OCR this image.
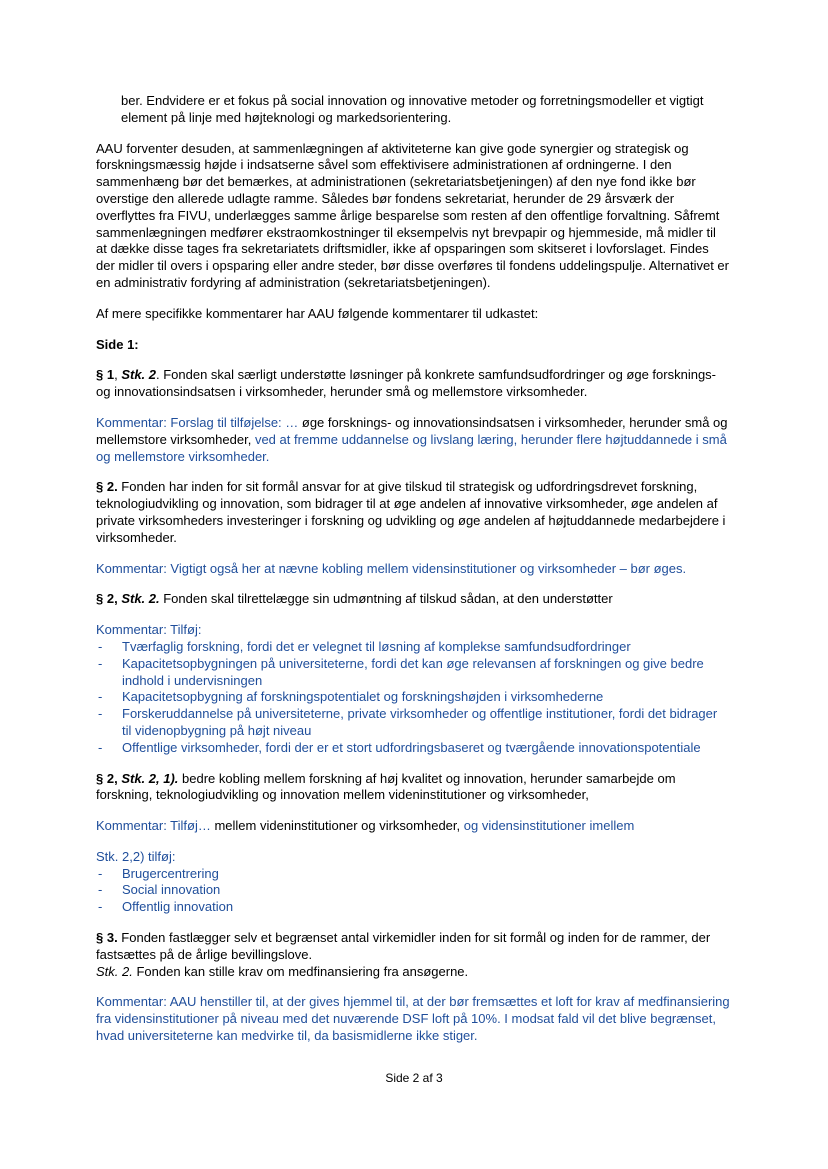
ber. Endvidere er et fokus på social innovation og innovative metoder og forretningsmodeller et vigtigt element på linje med højteknologi og markedsorientering.

AAU forventer desuden, at sammenlægningen af aktiviteterne kan give gode synergier og strategisk og forskningsmæssig højde i indsatserne såvel som effektivisere administrationen af ordningerne. I den sammenhæng bør det bemærkes, at administrationen (sekretariatsbetjeningen) af den nye fond ikke bør overstige den allerede udlagte ramme. Således bør fondens sekretariat, herunder de 29 årsværk der overflyttes fra FIVU, underlægges samme årlige besparelse som resten af den offentlige forvaltning. Såfremt sammenlægningen medfører ekstraomkostninger til eksempelvis nyt brevpapir og hjemmeside, må midler til at dække disse tages fra sekretariatets driftsmidler, ikke af opsparingen som skitseret i lovforslaget. Findes der midler til overs i opsparing eller andre steder, bør disse overføres til fondens uddelingspulje. Alternativet er en administrativ fordyring af administration (sekretariatsbetjeningen).

Af mere specifikke kommentarer har AAU følgende kommentarer til udkastet:

Side 1:

§ 1, Stk. 2. Fonden skal særligt understøtte løsninger på konkrete samfundsudfordringer og øge forsknings- og innovationsindsatsen i virksomheder, herunder små og mellemstore virksomheder.

Kommentar: Forslag til tilføjelse: … øge forsknings- og innovationsindsatsen i virksomheder, herunder små og mellemstore virksomheder, ved at fremme uddannelse og livslang læring, herunder flere højtuddannede i små og mellemstore virksomheder.

§ 2. Fonden har inden for sit formål ansvar for at give tilskud til strategisk og udfordringsdrevet forskning, teknologiudvikling og innovation, som bidrager til at øge andelen af innovative virksomheder, øge andelen af private virksomheders investeringer i forskning og udvikling og øge andelen af højtuddannede medarbejdere i virksomheder.

Kommentar: Vigtigt også her at nævne kobling mellem vidensinstitutioner og virksomheder – bør øges.

§ 2, Stk. 2. Fonden skal tilrettelægge sin udmøntning af tilskud sådan, at den understøtter

Kommentar: Tilføj:

- Tværfaglig forskning, fordi det er velegnet til løsning af komplekse samfundsudfordringer
- Kapacitetsopbygningen på universiteterne, fordi det kan øge relevansen af forskningen og give bedre indhold i undervisningen
- Kapacitetsopbygning af forskningspotentialet og forskningshøjden i virksomhederne
- Forskeruddannelse på universiteterne, private virksomheder og offentlige institutioner, fordi det bidrager til videnopbygning på højt niveau
- Offentlige virksomheder, fordi der er et stort udfordringsbaseret og tværgående innovationspotentiale

§ 2, Stk. 2, 1). bedre kobling mellem forskning af høj kvalitet og innovation, herunder samarbejde om forskning, teknologiudvikling og innovation mellem videninstitutioner og virksomheder,

Kommentar: Tilføj… mellem videninstitutioner og virksomheder, og vidensinstitutioner imellem

Stk. 2,2) tilføj:

- Brugercentrering
- Social innovation
- Offentlig innovation

§ 3. Fonden fastlægger selv et begrænset antal virkemidler inden for sit formål og inden for de rammer, der fastsættes på de årlige bevillingslove.

Stk. 2. Fonden kan stille krav om medfinansiering fra ansøgerne.

Kommentar: AAU henstiller til, at der gives hjemmel til, at der bør fremsættes et loft for krav af medfinansiering fra vidensinstitutioner på niveau med det nuværende DSF loft på 10%. I modsat fald vil det blive begrænset, hvad universiteterne kan medvirke til, da basismidlerne ikke stiger.

Side 2 af 3
